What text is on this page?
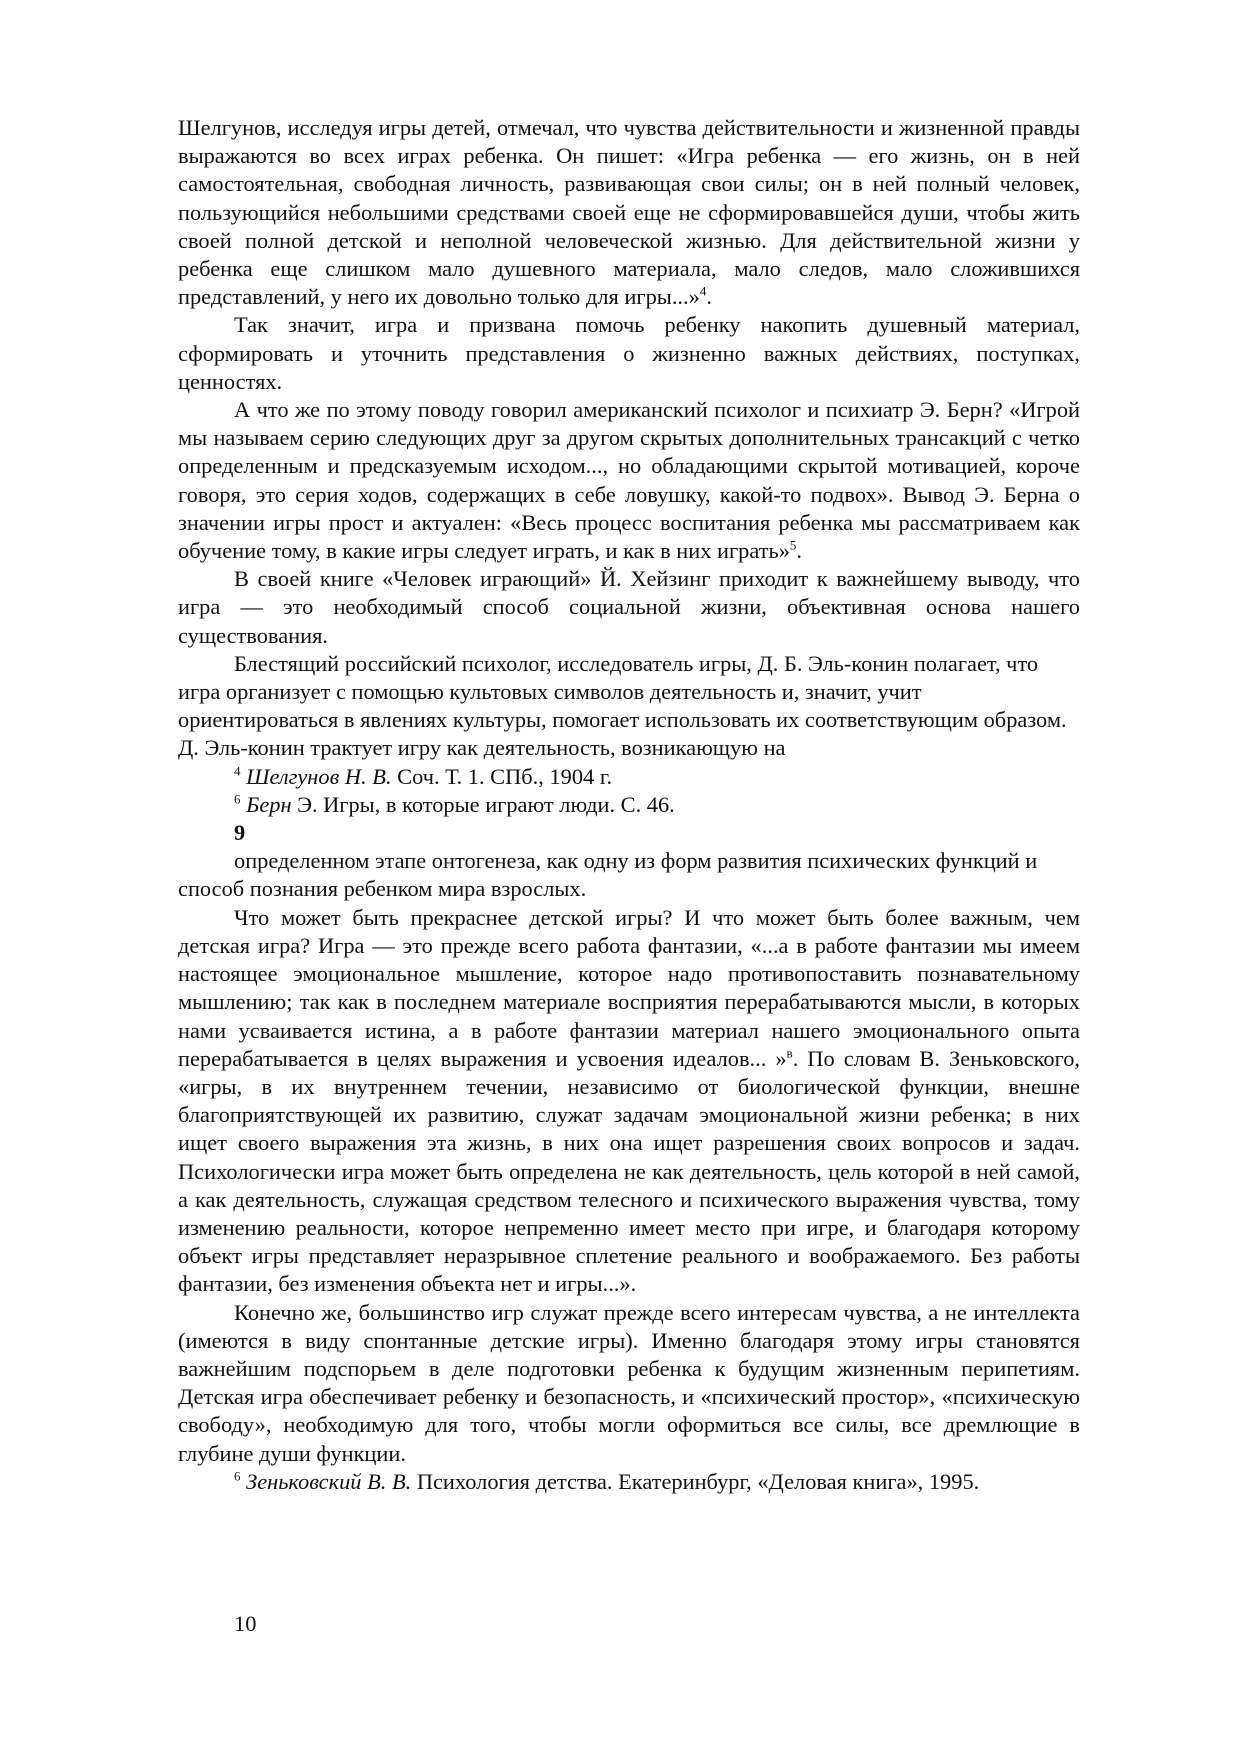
Шелгунов, исследуя игры детей, отмечал, что чувства действительности и жизненной правды выражаются во всех играх ребенка. Он пишет: «Игра ребенка — его жизнь, он в ней самостоятельная, свободная личность, развивающая свои силы; он в ней полный человек, пользующийся небольшими средствами своей еще не сформировавшейся души, чтобы жить своей полной детской и неполной человеческой жизнью. Для действительной жизни у ребенка еще слишком мало душевного материала, мало следов, мало сложившихся представлений, у него их довольно только для игры...»$^4$.

Так значит, игра и призвана помочь ребенку накопить душевный материал, сформировать и уточнить представления о жизненно важных действиях, поступках, ценностях.

А что же по этому поводу говорил американский психолог и психиатр Э. Берн? «Игрой мы называем серию следующих друг за другом скрытых дополнительных трансакций с четко определенным и предсказуемым исходом..., но обладающими скрытой мотивацией, короче говоря, это серия ходов, содержащих в себе ловушку, какой-то подвох». Вывод Э. Берна о значении игры прост и актуален: «Весь процесс воспитания ребенка мы рассматриваем как обучение тому, в какие игры следует играть, и как в них играть»$^5$.

В своей книге «Человек играющий» Й. Хейзинг приходит к важнейшему выводу, что игра — это необходимый способ социальной жизни, объективная основа нашего существования.

Блестящий российский психолог, исследователь игры, Д. Б. Эль-конин полагает, что игра организует с помощью культовых символов деятельность и, значит, учит ориентироваться в явлениях культуры, помогает использовать их соответствующим образом. Д. Эль-конин трактует игру как деятельность, возникающую на

$^4$ Шелгунов Н. В. Соч. Т. 1. СПб., 1904 г.

$^6$ Берн Э. Игры, в которые играют люди. С. 46.

9

определенном этапе онтогенеза, как одну из форм развития психических функций и способ познания ребенком мира взрослых.

Что может быть прекраснее детской игры? И что может быть более важным, чем детская игра? Игра — это прежде всего работа фантазии, «...а в работе фантазии мы имеем настоящее эмоциональное мышление, которое надо противопоставить познавательному мышлению; так как в последнем материале восприятия перерабатываются мысли, в которых нами усваивается истина, а в работе фантазии материал нашего эмоционального опыта перерабатывается в целях выражения и усвоения идеалов... »$^в$. По словам В. Зеньковского, «игры, в их внутреннем течении, независимо от биологической функции, внешне благоприятствующей их развитию, служат задачам эмоциональной жизни ребенка; в них ищет своего выражения эта жизнь, в них она ищет разрешения своих вопросов и задач. Психологически игра может быть определена не как деятельность, цель которой в ней самой, а как деятельность, служащая средством телесного и психического выражения чувства, тому изменению реальности, которое непременно имеет место при игре, и благодаря которому объект игры представляет неразрывное сплетение реального и воображаемого. Без работы фантазии, без изменения объекта нет и игры...».

Конечно же, большинство игр служат прежде всего интересам чувства, а не интеллекта (имеются в виду спонтанные детские игры). Именно благодаря этому игры становятся важнейшим подспорьем в деле подготовки ребенка к будущим жизненным перипетиям. Детская игра обеспечивает ребенку и безопасность, и «психический простор», «психическую свободу», необходимую для того, чтобы могли оформиться все силы, все дремлющие в глубине души функции.

$^6$ Зеньковский В. В. Психология детства. Екатеринбург, «Деловая книга», 1995.

10
